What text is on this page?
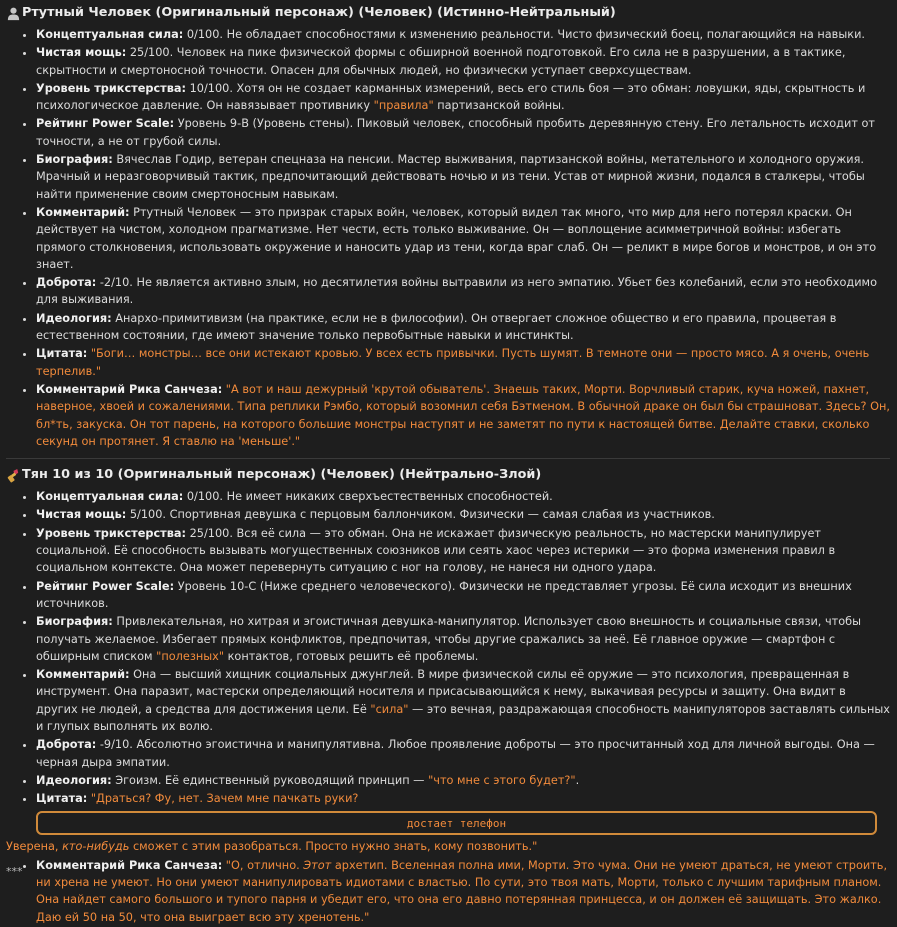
Ртутный Человек (Оригинальный персонаж) (Человек) (Истинно-Нейтральный)
• Концептуальная сила: 0/100. Не обладает способностями к изменению реальности. Чисто физический боец, полагающийся на навыки.
• Чистая мощь: 25/100. Человек на пике физической формы с обширной военной подготовкой. Его сила не в разрушении, а в тактике, скрытности и смертоносной точности. Опасен для обычных людей, но физически уступает сверхсуществам.
• Уровень трикстерства: 10/100. Хотя он не создает карманных измерений, весь его стиль боя — это обман: ловушки, яды, скрытность и психологическое давление. Он навязывает противнику "правила" партизанской войны.
• Рейтинг Power Scale: Уровень 9-B (Уровень стены). Пиковый человек, способный пробить деревянную стену. Его летальность исходит от точности, а не от грубой силы.
• Биография: Вячеслав Годир, ветеран спецназа на пенсии. Мастер выживания, партизанской войны, метательного и холодного оружия. Мрачный и неразговорчивый тактик, предпочитающий действовать ночью и из тени. Устав от мирной жизни, подался в сталкеры, чтобы найти применение своим смертоносным навыкам.
• Комментарий: Ртутный Человек — это призрак старых войн, человек, который видел так много, что мир для него потерял краски. Он действует на чистом, холодном прагматизме. Нет чести, есть только выживание. Он — воплощение асимметричной войны: избегать прямого столкновения, использовать окружение и наносить удар из тени, когда враг слаб. Он — реликт в мире богов и монстров, и он это знает.
• Доброта: -2/10. Не является активно злым, но десятилетия войны вытравили из него эмпатию. Убьет без колебаний, если это необходимо для выживания.
• Идеология: Анархо-примитивизм (на практике, если не в философии). Он отвергает сложное общество и его правила, процветая в естественном состоянии, где имеют значение только первобытные навыки и инстинкты.
• Цитата: "Боги… монстры… все они истекают кровью. У всех есть привычки. Пусть шумят. В темноте они — просто мясо. А я очень, очень терпелив."
• Комментарий Рика Санчеза: "А вот и наш дежурный 'крутой обыватель'. Знаешь таких, Морти. Ворчливый старик, куча ножей, пахнет, наверное, хвоей и сожалениями. Типа реплики Рэмбо, который возомнил себя Бэтменом. В обычной драке он был бы страшноват. Здесь? Он, бл*ть, закуска. Он тот парень, на которого большие монстры наступят и не заметят по пути к настоящей битве. Делайте ставки, сколько секунд он протянет. Я ставлю на 'меньше'."
Тян 10 из 10 (Оригинальный персонаж) (Человек) (Нейтрально-Злой)
• Концептуальная сила: 0/100. Не имеет никаких сверхъестественных способностей.
• Чистая мощь: 5/100. Спортивная девушка с перцовым баллончиком. Физически — самая слабая из участников.
• Уровень трикстерства: 25/100. Вся её сила — это обман. Она не искажает физическую реальность, но мастерски манипулирует социальной. Её способность вызывать могущественных союзников или сеять хаос через истерики — это форма изменения правил в социальном контексте. Она может перевернуть ситуацию с ног на голову, не нанеся ни одного удара.
• Рейтинг Power Scale: Уровень 10-C (Ниже среднего человеческого). Физически не представляет угрозы. Её сила исходит из внешних источников.
• Биография: Привлекательная, но хитрая и эгоистичная девушка-манипулятор. Использует свою внешность и социальные связи, чтобы получать желаемое. Избегает прямых конфликтов, предпочитая, чтобы другие сражались за неё. Её главное оружие — смартфон с обширным списком "полезных" контактов, готовых решить её проблемы.
• Комментарий: Она — высший хищник социальных джунглей. В мире физической силы её оружие — это психология, превращенная в инструмент. Она паразит, мастерски определяющий носителя и присасывающийся к нему, выкачивая ресурсы и защиту. Она видит в других не людей, а средства для достижения цели. Её "сила" — это вечная, раздражающая способность манипуляторов заставлять сильных и глупых выполнять их волю.
• Доброта: -9/10. Абсолютно эгоистична и манипулятивна. Любое проявление доброты — это просчитанный ход для личной выгоды. Она — черная дыра эмпатии.
• Идеология: Эгоизм. Её единственный руководящий принцип — "что мне с этого будет?".
• Цитата: "Драться? Фу, нет. Зачем мне пачкать руки?
достает телефон

Уверена, кто-нибудь сможет с этим разобраться. Просто нужно знать, кому позвонить."

• Комментарий Рика Санчеза: "О, отлично. Этот архетип. Вселенная полна ими, Морти. Это чума. Они не умеют драться, не умеют строить, ни хрена не умеют. Но они умеют манипулировать идиотами с властью. По сути, это твоя мать, Морти, только с лучшим тарифным планом. Она найдет самого большого и тупого парня и убедит его, что она его давно потерянная принцесса, и он должен её защищать. Это жалко. Даю ей 50 на 50, что она выиграет всю эту хренотень."
***
